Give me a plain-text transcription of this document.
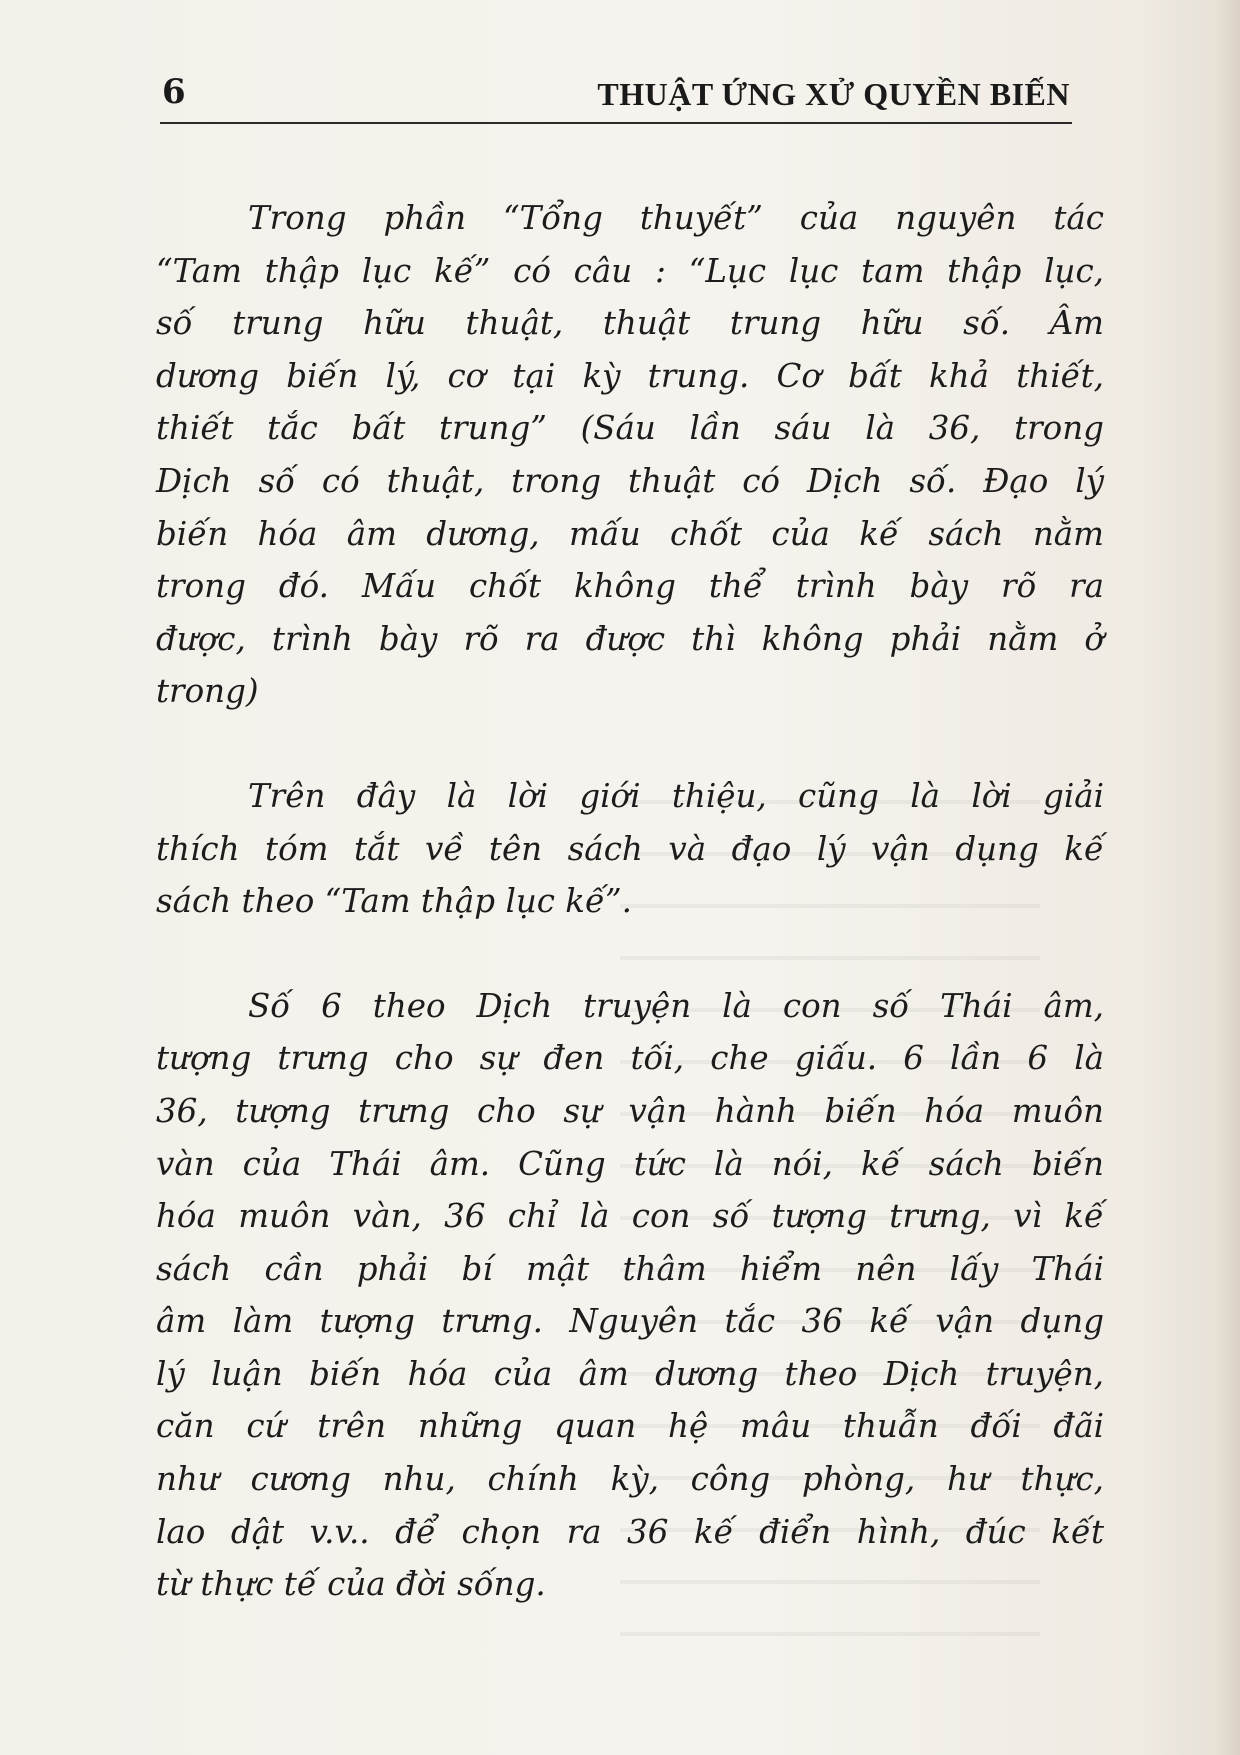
6	THUẬT ỨNG XỬ QUYỀN BIẾN

Trong phần “Tổng thuyết” của nguyên tác
“Tam thập lục kế” có câu : “Lục lục tam thập lục,
số trung hữu thuật, thuật trung hữu số. Âm
dương biến lý, cơ tại kỳ trung. Cơ bất khả thiết,
thiết tắc bất trung” (Sáu lần sáu là 36, trong
Dịch số có thuật, trong thuật có Dịch số. Đạo lý
biến hóa âm dương, mấu chốt của kế sách nằm
trong đó. Mấu chốt không thể trình bày rõ ra
được, trình bày rõ ra được thì không phải nằm ở
trong)

Trên đây là lời giới thiệu, cũng là lời giải
thích tóm tắt về tên sách và đạo lý vận dụng kế
sách theo “Tam thập lục kế”.

Số 6 theo Dịch truyện là con số Thái âm,
tượng trưng cho sự đen tối, che giấu. 6 lần 6 là
36, tượng trưng cho sự vận hành biến hóa muôn
vàn của Thái âm. Cũng tức là nói, kế sách biến
hóa muôn vàn, 36 chỉ là con số tượng trưng, vì kế
sách cần phải bí mật thâm hiểm nên lấy Thái
âm làm tượng trưng. Nguyên tắc 36 kế vận dụng
lý luận biến hóa của âm dương theo Dịch truyện,
căn cứ trên những quan hệ mâu thuẫn đối đãi
như cương nhu, chính kỳ, công phòng, hư thực,
lao dật v.v.. để chọn ra 36 kế điển hình, đúc kết
từ thực tế của đời sống.
